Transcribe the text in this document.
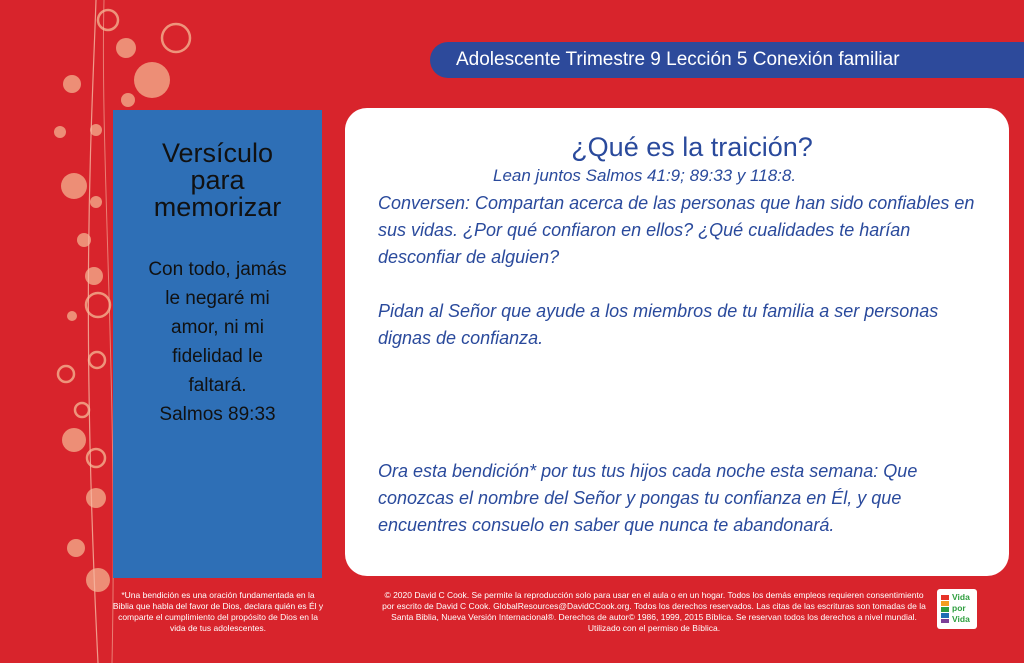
Adolescente Trimestre 9 Lección 5 Conexión familiar
Versículo
para
memorizar
Con todo, jamás
le negaré mi
amor, ni mi
fidelidad le
faltará.
Salmos 89:33
¿Qué es la traición?
Lean juntos Salmos 41:9; 89:33 y 118:8.
Conversen: Compartan acerca de las personas que han sido confiables en sus vidas. ¿Por qué confiaron en ellos? ¿Qué cualidades te harían desconfiar de alguien?
Pidan al Señor que ayude a los miembros de tu familia a ser personas dignas de confianza.
Ora esta bendición* por tus tus hijos cada noche esta semana: Que conozcas el nombre del Señor y pongas tu confianza en Él, y que encuentres consuelo en saber que nunca te abandonará.
*Una bendición es una oración fundamentada en la Biblia que habla del favor de Dios, declara quién es Él y comparte el cumplimiento del propósito de Dios en la vida de tus adolescentes.
© 2020 David C Cook. Se permite la reproducción solo para usar en el aula o en un hogar. Todos los demás empleos requieren consentimiento por escrito de David C Cook. GlobalResources@DavidCCook.org. Todos los derechos reservados. Las citas de las escrituras son tomadas de la Santa Biblia, Nueva Versión Internacional®. Derechos de autor© 1986, 1999, 2015 Bíblica. Se reservan todos los derechos a nivel mundial. Utilizado con el permiso de Bíblica.
Vida
por
Vida
